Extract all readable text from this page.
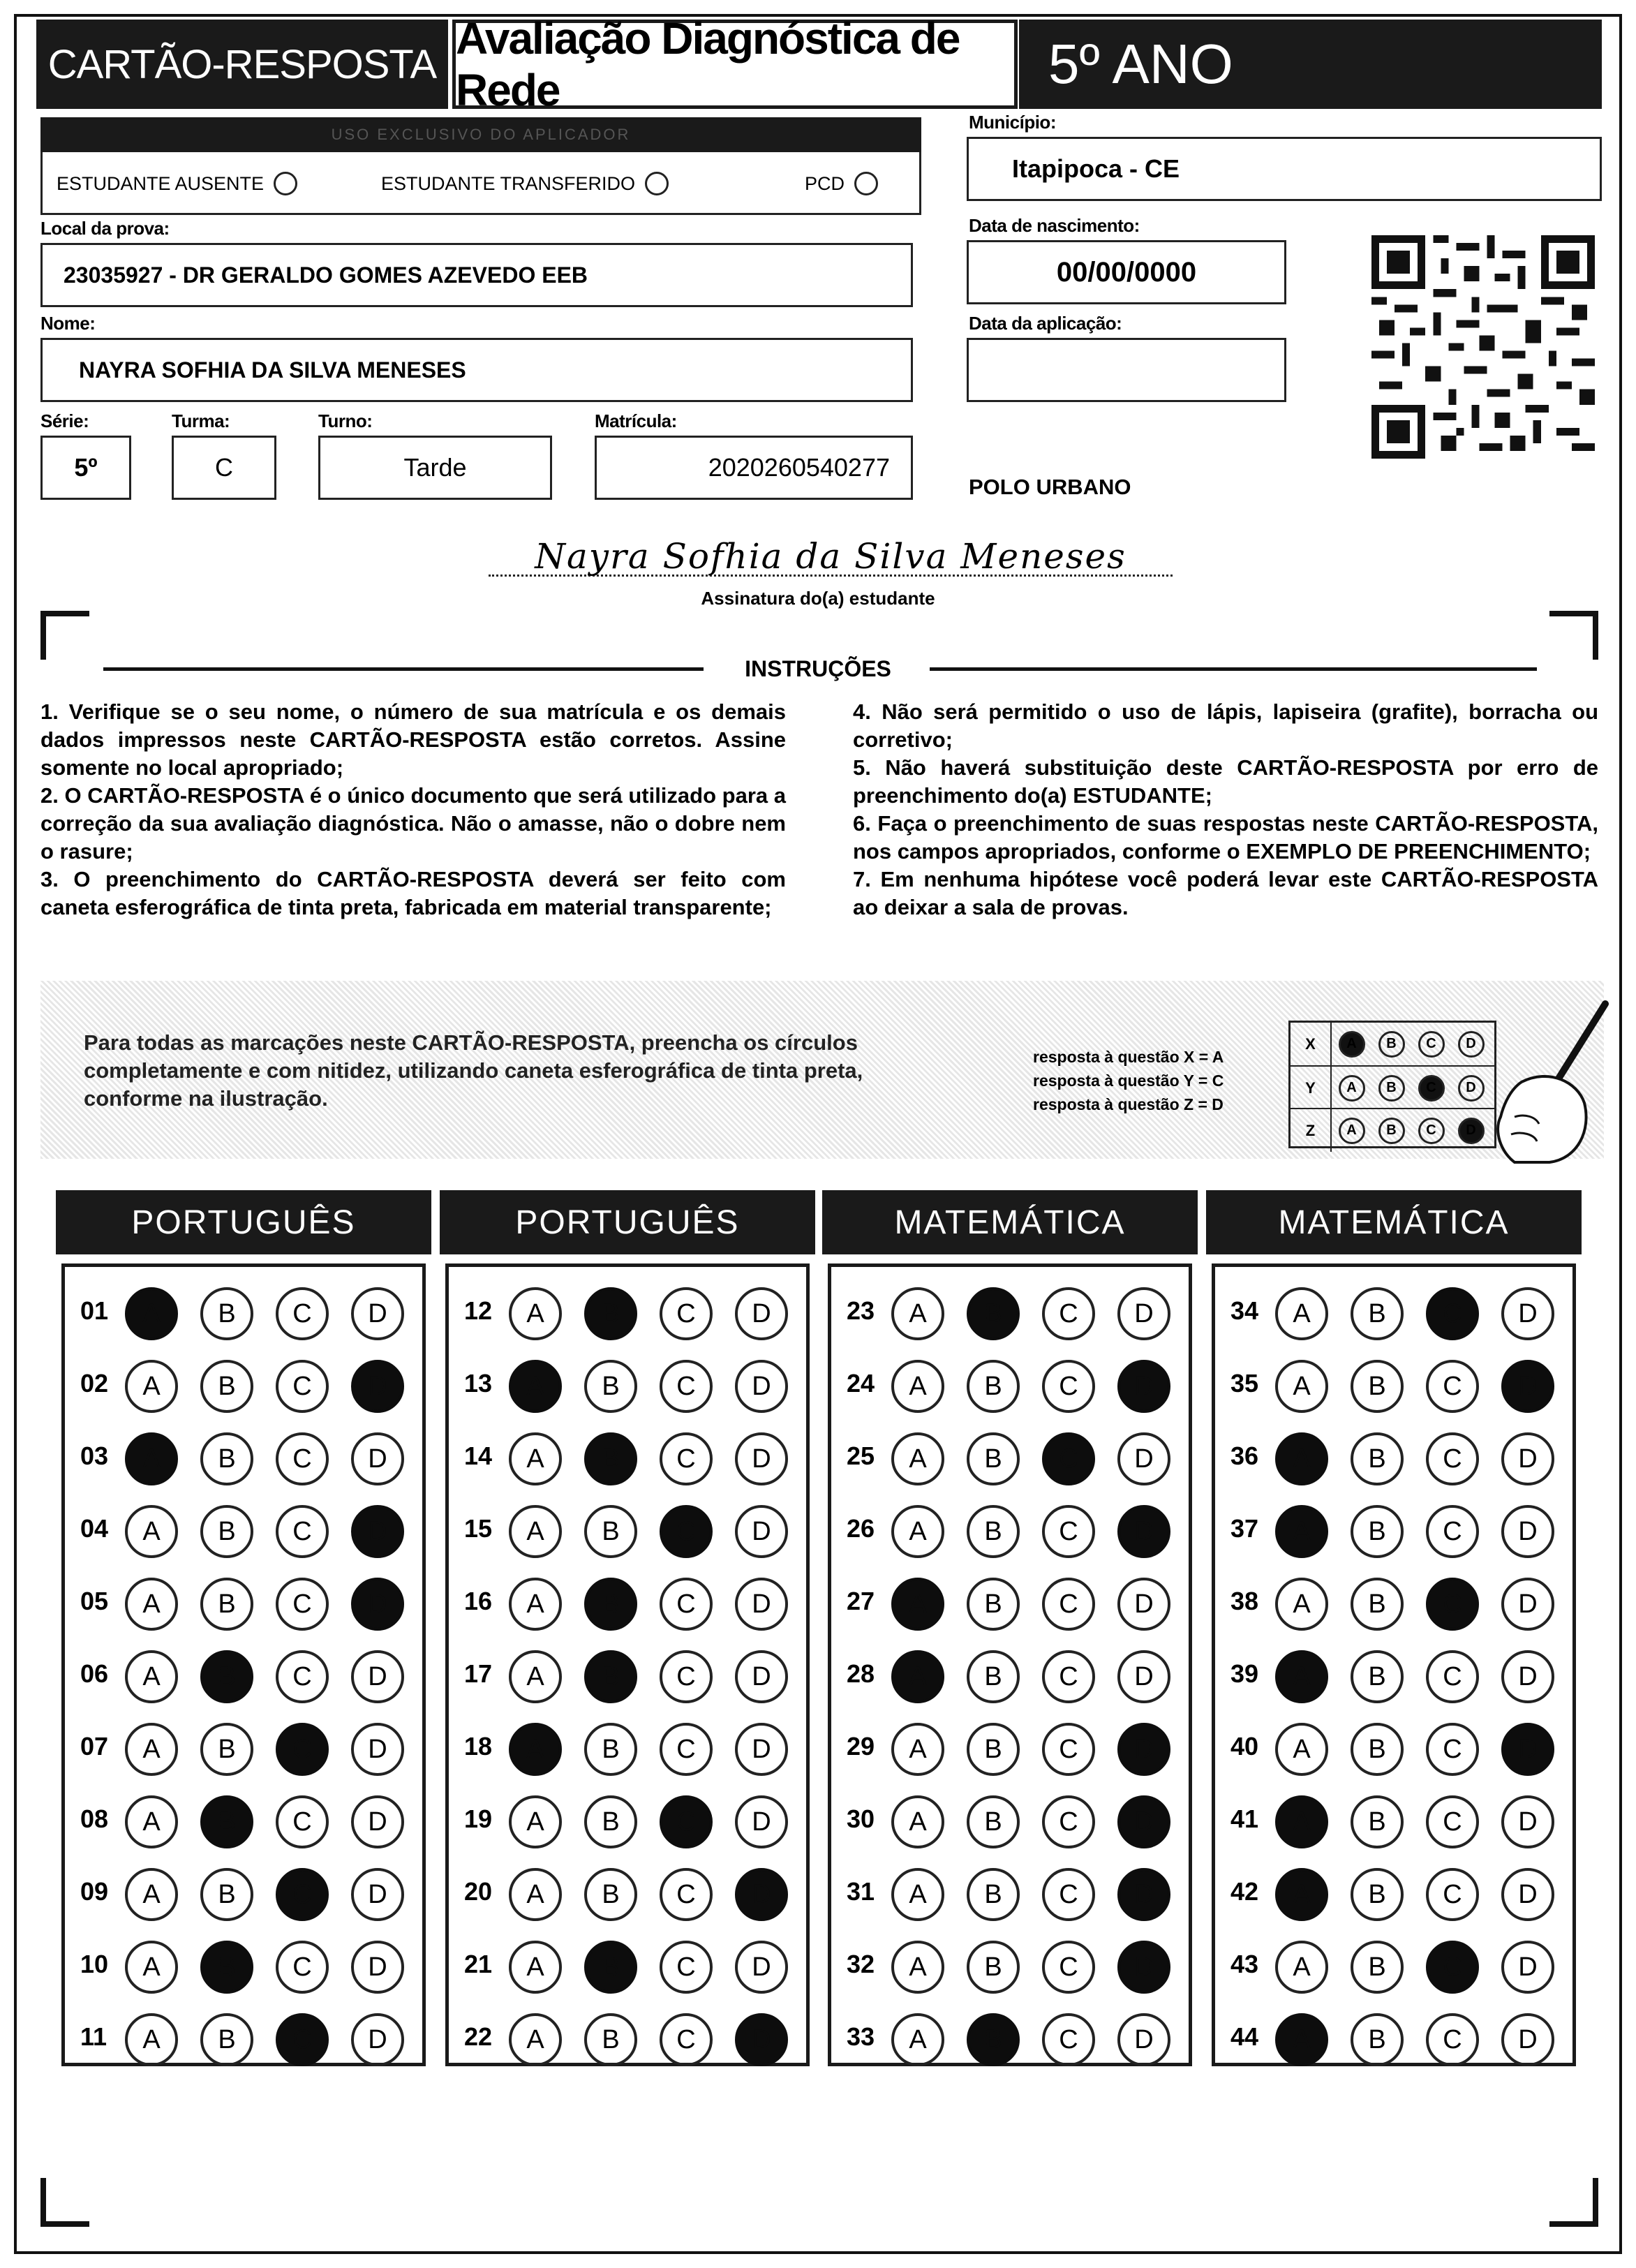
CARTÃO-RESPOSTA
Avaliação Diagnóstica de Rede	5º ANO
USO EXCLUSIVO DO APLICADOR
ESTUDANTE AUSENTE	ESTUDANTE TRANSFERIDO	PCD
Local da prova:
23035927 - DR GERALDO GOMES AZEVEDO EEB
Nome:
NAYRA SOFHIA DA SILVA MENESES
Série:
5º
Turma:
C
Turno:
Tarde
Matrícula:
2020260540277
Município:
Itapipoca - CE
Data de nascimento:
00/00/0000
Data da aplicação:
POLO URBANO
Nayra Sofhia da Silva Meneses
Assinatura do(a) estudante
INSTRUÇÕES

1. Verifique se o seu nome, o número de sua matrícula e os demais dados impressos neste CARTÃO-RESPOSTA estão corretos. Assine somente no local apropriado;

2. O CARTÃO-RESPOSTA é o único documento que será utilizado para a correção da sua avaliação diagnóstica. Não o amasse, não o dobre nem o rasure;

3. O preenchimento do CARTÃO-RESPOSTA deverá ser feito com caneta esferográfica de tinta preta, fabricada em material transparente;

4. Não será permitido o uso de lápis, lapiseira (grafite), borracha ou corretivo;

5. Não haverá substituição deste CARTÃO-RESPOSTA por erro de preenchimento do(a) ESTUDANTE;

6. Faça o preenchimento de suas respostas neste CARTÃO-RESPOSTA, nos campos apropriados, conforme o EXEMPLO DE PREENCHIMENTO;

7. Em nenhuma hipótese você poderá levar este CARTÃO-RESPOSTA ao deixar a sala de provas.

Para todas as marcações neste CARTÃO-RESPOSTA, preencha os círculos completamente e com nitidez, utilizando caneta esferográfica de tinta preta, conforme na ilustração.
resposta à questão X = A
resposta à questão Y = C
resposta à questão Z = D
X	A	B	C	D
Y	A	B	C	D
Z	A	B	C	D
PORTUGUÊS
01	A	B	C	D
02	A	B	C	D
03	A	B	C	D
04	A	B	C	D
05	A	B	C	D
06	A	B	C	D
07	A	B	C	D
08	A	B	C	D
09	A	B	C	D
10	A	B	C	D
11	A	B	C	D
PORTUGUÊS
12	A	B	C	D
13	A	B	C	D
14	A	B	C	D
15	A	B	C	D
16	A	B	C	D
17	A	B	C	D
18	A	B	C	D
19	A	B	C	D
20	A	B	C	D
21	A	B	C	D
22	A	B	C	D
MATEMÁTICA
23	A	B	C	D
24	A	B	C	D
25	A	B	C	D
26	A	B	C	D
27	A	B	C	D
28	A	B	C	D
29	A	B	C	D
30	A	B	C	D
31	A	B	C	D
32	A	B	C	D
33	A	B	C	D
MATEMÁTICA
34	A	B	C	D
35	A	B	C	D
36	A	B	C	D
37	A	B	C	D
38	A	B	C	D
39	A	B	C	D
40	A	B	C	D
41	A	B	C	D
42	A	B	C	D
43	A	B	C	D
44	A	B	C	D
